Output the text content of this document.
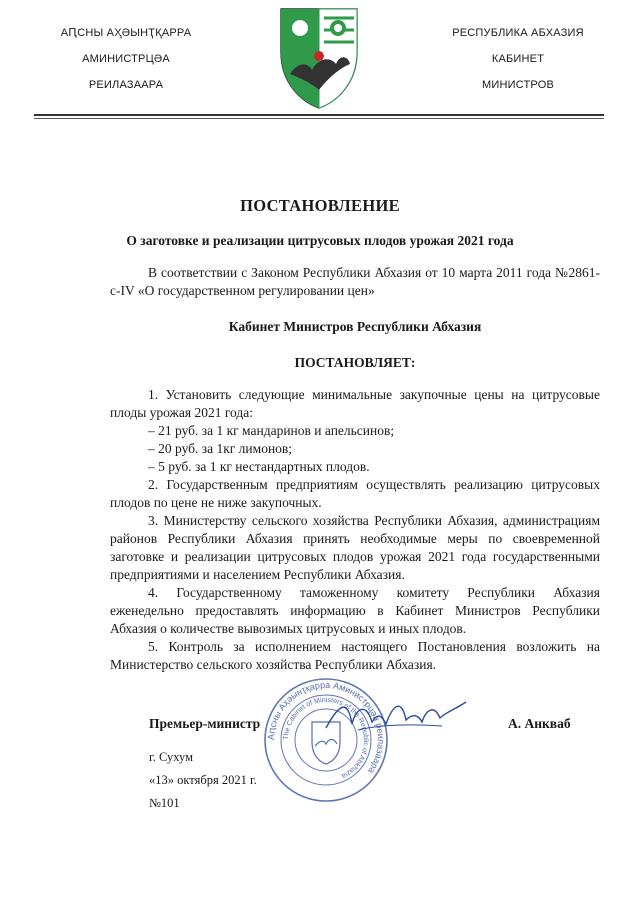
АԤСНЫ АҲӘЫНҬҚАРРА
АМИНИСТРЦӘА
РЕИЛАЗААРА
РЕСПУБЛИКА АБХАЗИЯ
КАБИНЕТ
МИНИСТРОВ
ПОСТАНОВЛЕНИЕ
О заготовке и реализации цитрусовых плодов урожая 2021 года

В соответствии с Законом Республики Абхазия от 10 марта 2011 года №2861-с-IV «О государственном регулировании цен»

Кабинет Министров Республики Абхазия

ПОСТАНОВЛЯЕТ:

1. Установить следующие минимальные закупочные цены на цитрусовые плоды урожая 2021 года:

– 21 руб. за 1 кг мандаринов и апельсинов;

– 20 руб. за 1кг лимонов;

– 5 руб. за 1 кг нестандартных плодов.

2. Государственным предприятиям осуществлять реализацию цитрусовых плодов по цене не ниже закупочных.

3. Министерству сельского хозяйства Республики Абхазия, администрациям районов Республики Абхазия принять необходимые меры по своевременной заготовке и реализации цитрусовых плодов урожая 2021 года государственными предприятиями и населением Республики Абхазия.

4. Государственному таможенному комитету Республики Абхазия еженедельно предоставлять информацию в Кабинет Министров Республики Абхазия о количестве вывозимых цитрусовых и иных плодов.

5. Контроль за исполнением настоящего Постановления возложить на Министерство сельского хозяйства Республики Абхазия.

Аԥсны Аҳәынҭқарра Аминистрцәа реилазаара
The Cabinet of Ministers of the Republic of Abkhazia
Премьер-министр	А. Анкваб
г. Сухум
«13» октября 2021 г.
№101
